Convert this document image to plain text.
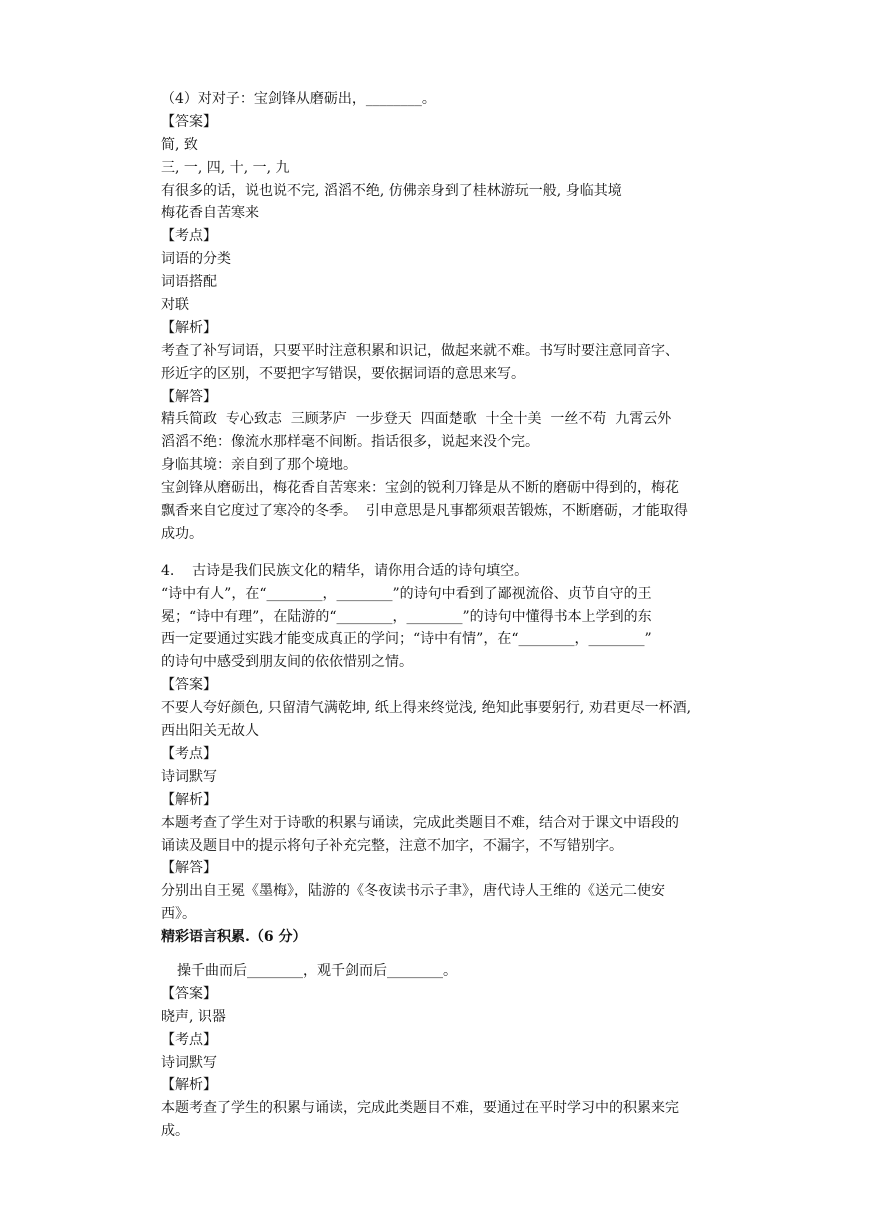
（4）对对子：宝剑锋从磨砺出，________。
【答案】
简, 致
三, 一, 四, 十, 一, 九
有很多的话，说也说不完, 滔滔不绝, 仿佛亲身到了桂林游玩一般, 身临其境
梅花香自苦寒来
【考点】
词语的分类
词语搭配
对联
【解析】
考查了补写词语，只要平时注意积累和识记，做起来就不难。书写时要注意同音字、
形近字的区别，不要把字写错误，要依据词语的意思来写。
【解答】
精兵简政  专心致志  三顾茅庐  一步登天  四面楚歌  十全十美  一丝不苟  九霄云外
滔滔不绝：像流水那样毫不间断。指话很多，说起来没个完。
身临其境：亲自到了那个境地。
宝剑锋从磨砺出，梅花香自苦寒来：宝剑的锐利刀锋是从不断的磨砺中得到的，梅花
飘香来自它度过了寒冷的冬季。  引申意思是凡事都须艰苦锻炼，不断磨砺，才能取得
成功。
4.    古诗是我们民族文化的精华，请你用合适的诗句填空。
“诗中有人”，在“________，________”的诗句中看到了鄙视流俗、贞节自守的王
冕；“诗中有理”，在陆游的“________，________”的诗句中懂得书本上学到的东
西一定要通过实践才能变成真正的学问；“诗中有情”，在“________，________”
的诗句中感受到朋友间的依依惜别之情。
【答案】
不要人夸好颜色, 只留清气满乾坤, 纸上得来终觉浅, 绝知此事要躬行, 劝君更尽一杯酒,
西出阳关无故人
【考点】
诗词默写
【解析】
本题考查了学生对于诗歌的积累与诵读，完成此类题目不难，结合对于课文中语段的
诵读及题目中的提示将句子补充完整，注意不加字，不漏字，不写错别字。
【解答】
分别出自王冕《墨梅》，陆游的《冬夜读书示子聿》，唐代诗人王维的《送元二使安
西》。
精彩语言积累.（6 分）
操千曲而后________，观千剑而后________。
【答案】
晓声, 识器
【考点】
诗词默写
【解析】
本题考查了学生的积累与诵读，完成此类题目不难，要通过在平时学习中的积累来完
成。
